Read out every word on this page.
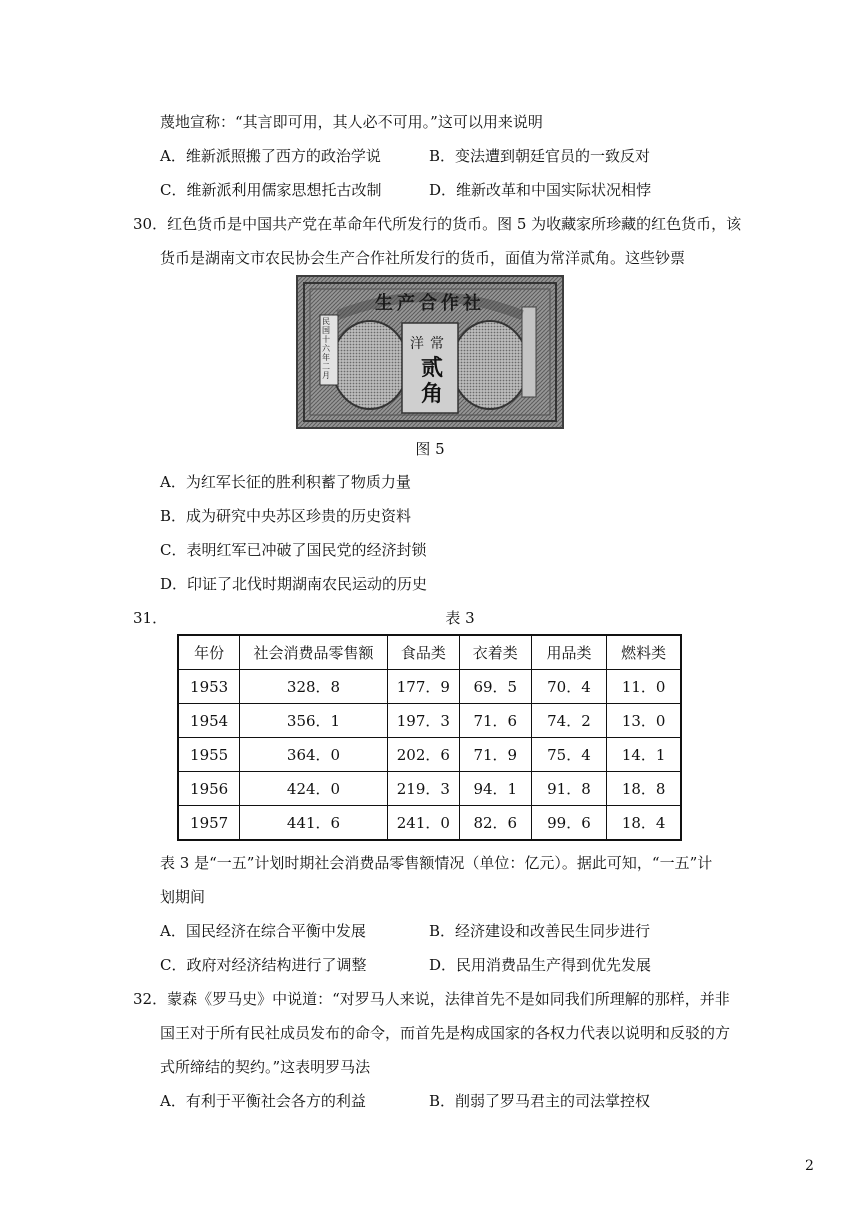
蔑地宣称：“其言即可用，其人必不可用。”这可以用来说明
A．维新派照搬了西方的政治学说	B．变法遭到朝廷官员的一致反对
C．维新派利用儒家思想托古改制	D．维新改革和中国实际状况相悖
30．红色货币是中国共产党在革命年代所发行的货币。图 5 为收藏家所珍藏的红色货币，该
货币是湖南文市农民协会生产合作社所发行的货币，面值为常洋贰角。这些钞票
生产合作社
民国十六年二月
洋常
贰角
图 5
A．为红军长征的胜利积蓄了物质力量
B．成为研究中央苏区珍贵的历史资料
C．表明红军已冲破了国民党的经济封锁
D．印证了北伐时期湖南农民运动的历史
31．	表 3
年份	社会消费品零售额	食品类	衣着类	用品类	燃料类
1953	328．8	177．9	69．5	70．4	11．0
1954	356．1	197．3	71．6	74．2	13．0
1955	364．0	202．6	71．9	75．4	14．1
1956	424．0	219．3	94．1	91．8	18．8
1957	441．6	241．0	82．6	99．6	18．4
表 3 是“一五”计划时期社会消费品零售额情况（单位：亿元）。据此可知，“一五”计
划期间
A．国民经济在综合平衡中发展	B．经济建设和改善民生同步进行
C．政府对经济结构进行了调整	D．民用消费品生产得到优先发展
32．蒙森《罗马史》中说道：“对罗马人来说，法律首先不是如同我们所理解的那样，并非
国王对于所有民社成员发布的命令，而首先是构成国家的各权力代表以说明和反驳的方
式所缔结的契约。”这表明罗马法
A．有利于平衡社会各方的利益	B．削弱了罗马君主的司法掌控权
2
